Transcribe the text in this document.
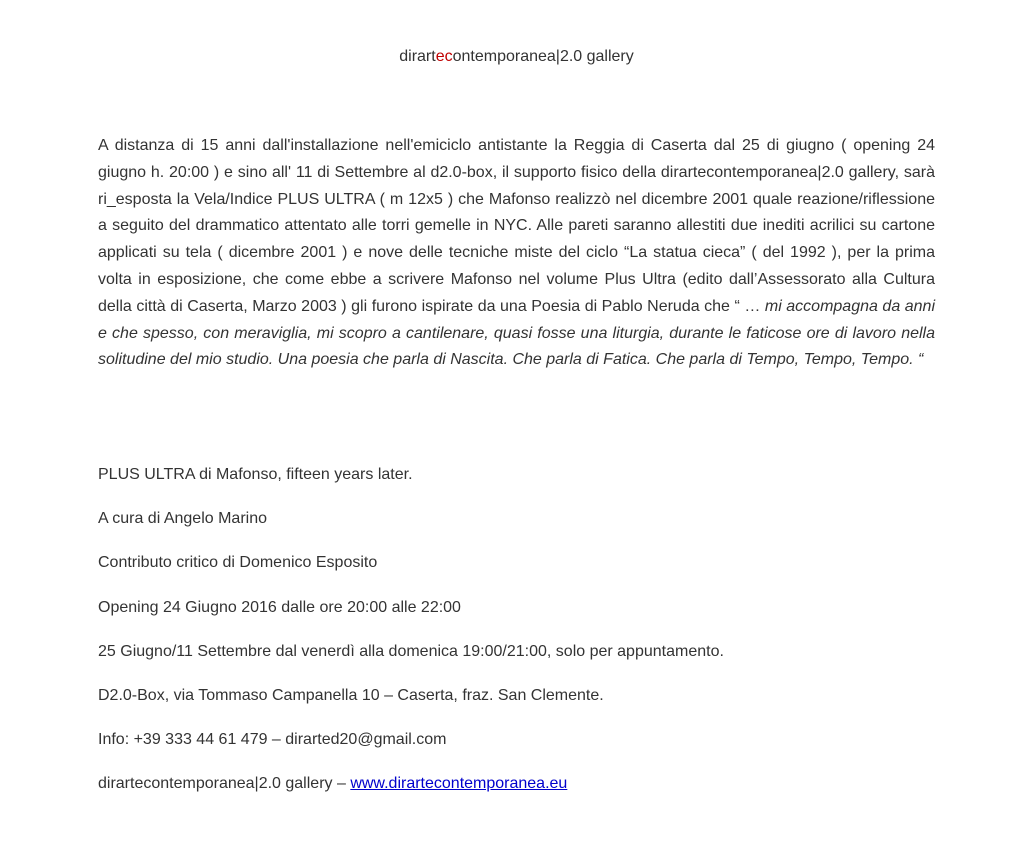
dirartecontemporanea|2.0 gallery
A distanza di 15 anni dall'installazione nell'emiciclo antistante la Reggia di Caserta dal 25 di giugno ( opening 24 giugno h. 20:00 ) e sino all' 11 di Settembre al d2.0-box, il supporto fisico della dirartecontemporanea|2.0 gallery, sarà ri_esposta la Vela/Indice PLUS ULTRA ( m 12x5 ) che Mafonso realizzò nel dicembre 2001 quale reazione/riflessione a seguito del drammatico attentato alle torri gemelle in NYC. Alle pareti saranno allestiti due inediti acrilici su cartone applicati su tela ( dicembre 2001 ) e nove delle tecniche miste del ciclo “La statua cieca” ( del 1992 ), per la prima volta in esposizione, che come ebbe a scrivere Mafonso nel volume Plus Ultra (edito dall’Assessorato alla Cultura della città di Caserta, Marzo 2003 ) gli furono ispirate da una Poesia di Pablo Neruda che “ … mi accompagna da anni e che spesso, con meraviglia, mi scopro a cantilenare, quasi fosse una liturgia, durante le faticose ore di lavoro nella solitudine del mio studio. Una poesia che parla di Nascita. Che parla di Fatica. Che parla di Tempo, Tempo, Tempo. “
PLUS ULTRA di Mafonso, fifteen years later.
A cura di Angelo Marino
Contributo critico di Domenico Esposito
Opening 24 Giugno 2016 dalle ore 20:00 alle 22:00
25 Giugno/11 Settembre dal venerdì alla domenica 19:00/21:00, solo per appuntamento.
D2.0-Box, via Tommaso Campanella 10 – Caserta, fraz. San Clemente.
Info: +39 333 44 61 479 – dirarted20@gmail.com
dirartecontemporanea|2.0 gallery – www.dirartecontemporanea.eu
